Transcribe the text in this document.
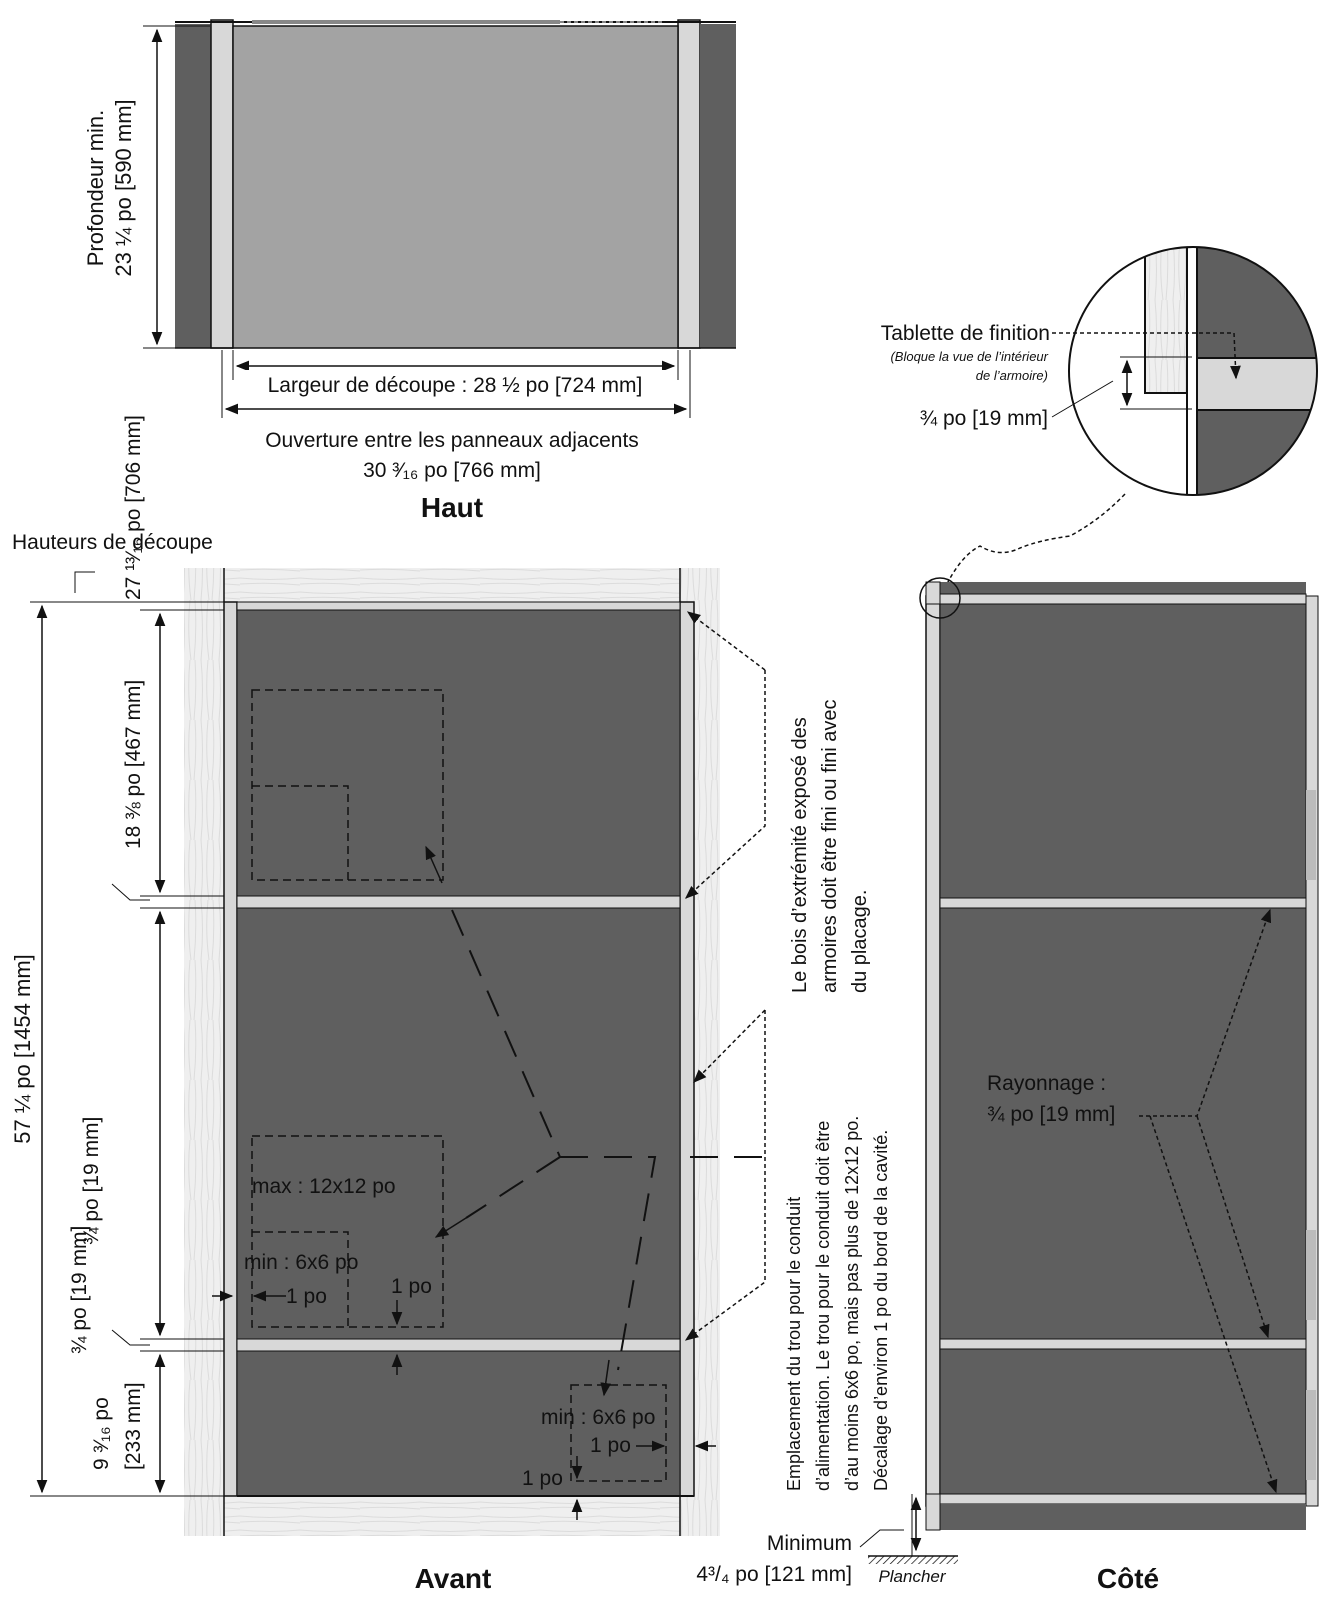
Profondeur min. 23 ¼ po [590 mm]
Largeur de découpe : 28 ½ po [724 mm]
Ouverture entre les panneaux adjacents
30 ³⁄₁₆ po [766 mm]
Haut
Tablette de finition
(Bloque la vue de l’intérieur
de l’armoire)
¾ po [19 mm]
max : 12x12 po
min : 6x6 po
1 po	1 po
min : 6x6 po
1 po
1 po
Le bois d’extrémité exposé des armoires doit être fini ou fini avec du placage.
Emplacement du trou pour le conduit d’alimentation. Le trou pour le conduit doit être d’au moins 6x6 po, mais pas plus de 12x12 po. Décalage d’environ 1 po du bord de la cavité.
Hauteurs de découpe
57 ¼ po [1454 mm]
27 ¹³⁄₁₆ po [706 mm]
18 ⅜ po [467 mm]
¾ po [19 mm]
¾ po [19 mm]
9 ³⁄₁₆ po [233 mm]
Avant
Rayonnage :
¾ po [19 mm]
Minimum
4³/₄ po [121 mm] Plancher	Côté
